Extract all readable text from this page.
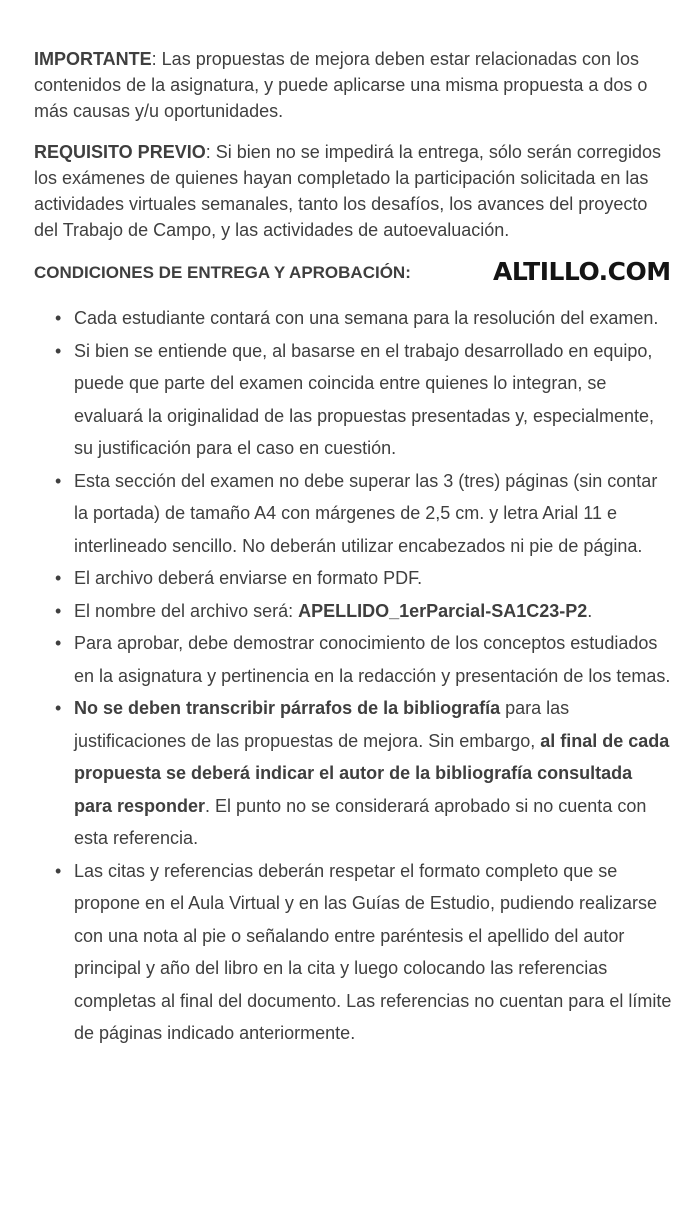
IMPORTANTE: Las propuestas de mejora deben estar relacionadas con los contenidos de la asignatura, y puede aplicarse una misma propuesta a dos o más causas y/u oportunidades.

REQUISITO PREVIO: Si bien no se impedirá la entrega, sólo serán corregidos los exámenes de quienes hayan completado la participación solicitada en las actividades virtuales semanales, tanto los desafíos, los avances del proyecto del Trabajo de Campo, y las actividades de autoevaluación.

CONDICIONES DE ENTREGA Y APROBACIÓN:	ALTILLO.COM
• Cada estudiante contará con una semana para la resolución del examen.
• Si bien se entiende que, al basarse en el trabajo desarrollado en equipo, puede que parte del examen coincida entre quienes lo integran, se evaluará la originalidad de las propuestas presentadas y, especialmente, su justificación para el caso en cuestión.
• Esta sección del examen no debe superar las 3 (tres) páginas (sin contar la portada) de tamaño A4 con márgenes de 2,5 cm. y letra Arial 11 e interlineado sencillo. No deberán utilizar encabezados ni pie de página.
• El archivo deberá enviarse en formato PDF.
• El nombre del archivo será: APELLIDO_1erParcial-SA1C23-P2.
• Para aprobar, debe demostrar conocimiento de los conceptos estudiados en la asignatura y pertinencia en la redacción y presentación de los temas.
• No se deben transcribir párrafos de la bibliografía para las justificaciones de las propuestas de mejora. Sin embargo, al final de cada propuesta se deberá indicar el autor de la bibliografía consultada para responder. El punto no se considerará aprobado si no cuenta con esta referencia.
• Las citas y referencias deberán respetar el formato completo que se propone en el Aula Virtual y en las Guías de Estudio, pudiendo realizarse con una nota al pie o señalando entre paréntesis el apellido del autor principal y año del libro en la cita y luego colocando las referencias completas al final del documento. Las referencias no cuentan para el límite de páginas indicado anteriormente.
